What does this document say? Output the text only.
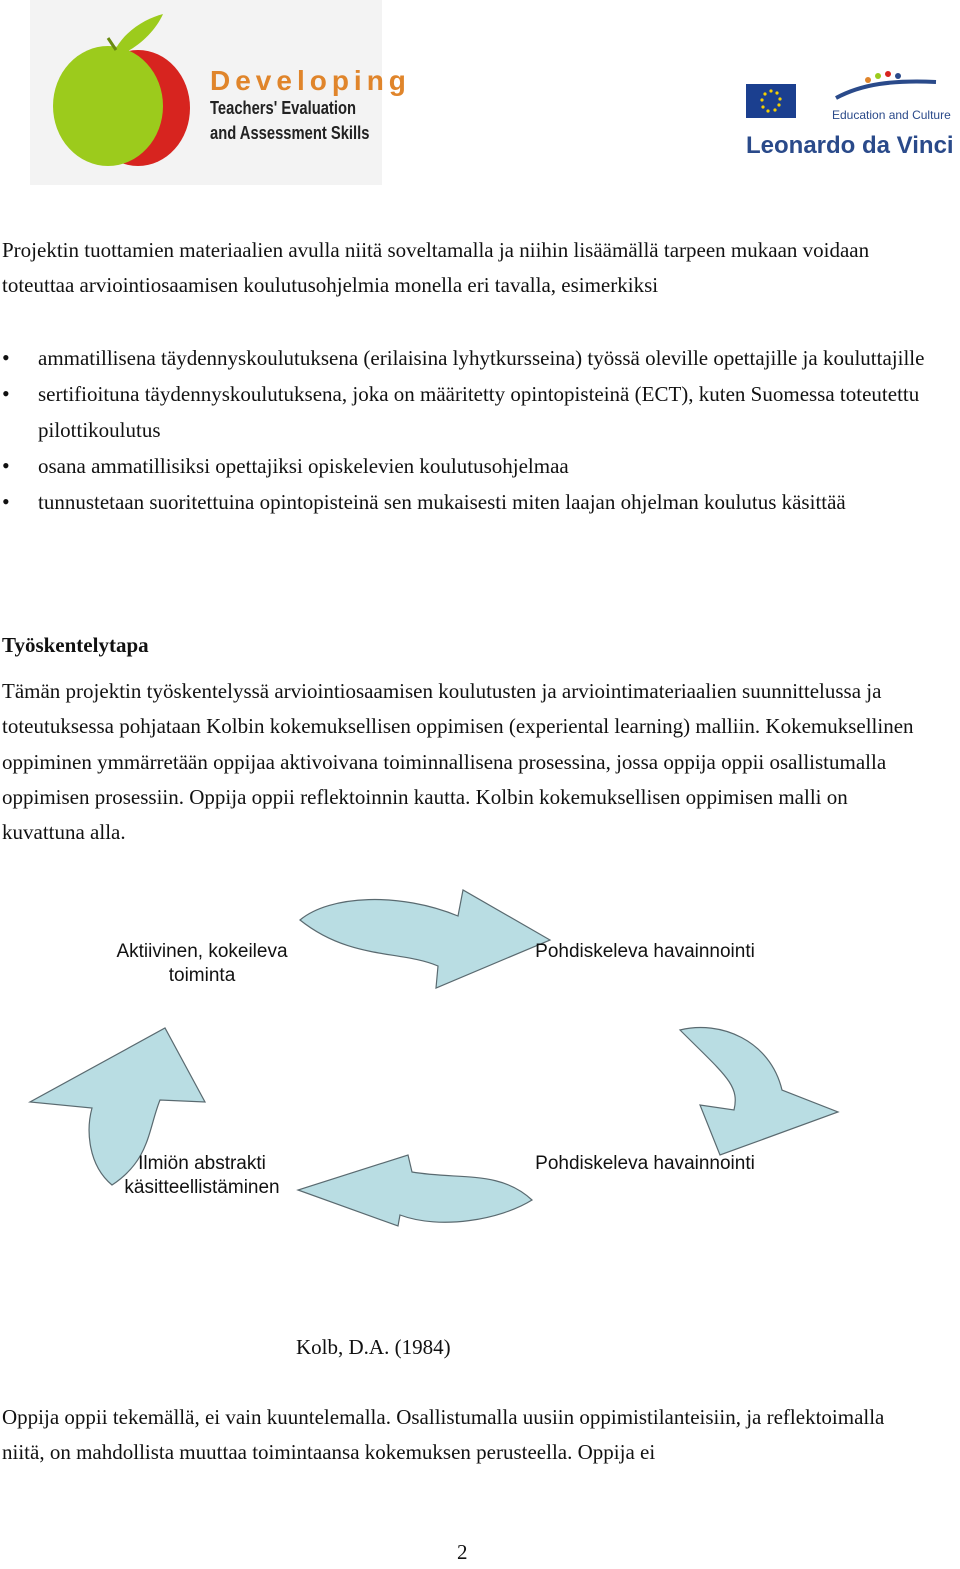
Developing
Teachers' Evaluation
and Assessment Skills
Education and Culture
Leonardo da Vinci

Projektin tuottamien materiaalien avulla niitä soveltamalla ja niihin lisäämällä tarpeen mukaan voidaan toteuttaa arviointiosaamisen koulutusohjelmia monella eri tavalla, esimerkiksi

• ammatillisena täydennyskoulutuksena (erilaisina lyhytkursseina) työssä oleville opettajille ja kouluttajille
• sertifioituna täydennyskoulutuksena, joka on määritetty opintopisteinä (ECT), kuten Suomessa toteutettu pilottikoulutus
• osana ammatillisiksi opettajiksi opiskelevien koulutusohjelmaa
• tunnustetaan suoritettuina opintopisteinä sen mukaisesti miten laajan ohjelman koulutus käsittää
Työskentelytapa

Tämän projektin työskentelyssä arviointiosaamisen koulutusten ja arviointimateriaalien suunnittelussa ja toteutuksessa pohjataan Kolbin kokemuksellisen oppimisen (experiental learning) malliin. Kokemuksellinen oppiminen ymmärretään oppijaa aktivoivana toiminnallisena prosessina, jossa oppija oppii osallistumalla oppimisen prosessiin. Oppija oppii reflektoinnin kautta. Kolbin kokemuksellisen oppimisen malli on kuvattuna alla.

Aktiivinen, kokeileva toiminta
Pohdiskeleva havainnointi
Ilmiön abstrakti käsitteellistäminen
Pohdiskeleva havainnointi
Kolb, D.A. (1984)

Oppija oppii tekemällä, ei vain kuuntelemalla. Osallistumalla uusiin oppimistilanteisiin, ja reflektoimalla niitä, on mahdollista muuttaa toimintaansa kokemuksen perusteella. Oppija ei

2
